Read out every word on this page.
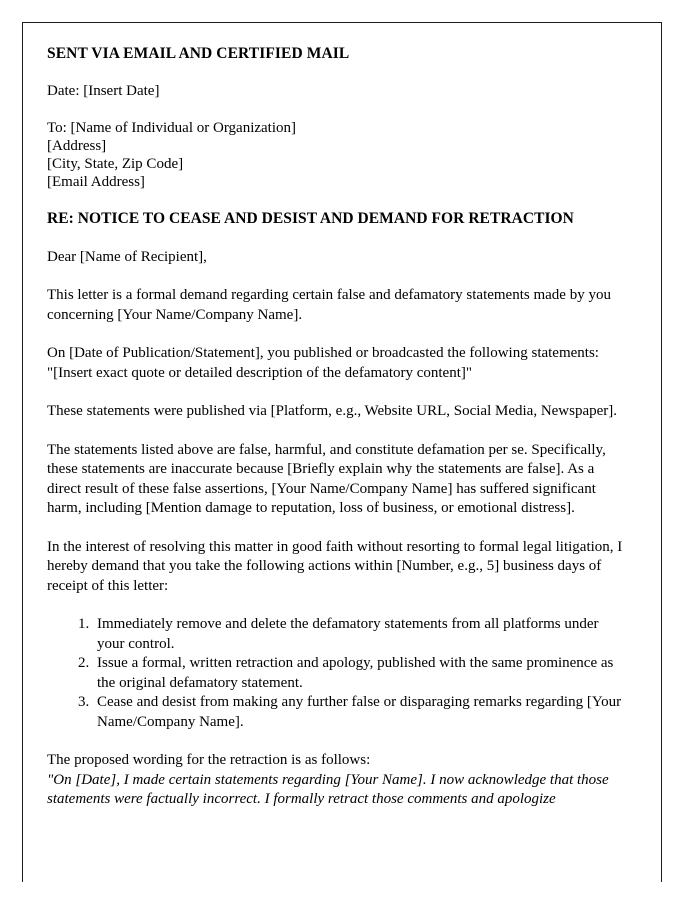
SENT VIA EMAIL AND CERTIFIED MAIL
Date: [Insert Date]
To: [Name of Individual or Organization]
[Address]
[City, State, Zip Code]
[Email Address]
RE: NOTICE TO CEASE AND DESIST AND DEMAND FOR RETRACTION

Dear [Name of Recipient],

This letter is a formal demand regarding certain false and defamatory statements made by you concerning [Your Name/Company Name].

On [Date of Publication/Statement], you published or broadcasted the following statements:

"[Insert exact quote or detailed description of the defamatory content]"

These statements were published via [Platform, e.g., Website URL, Social Media, Newspaper].

The statements listed above are false, harmful, and constitute defamation per se. Specifically, these statements are inaccurate because [Briefly explain why the statements are false]. As a direct result of these false assertions, [Your Name/Company Name] has suffered significant harm, including [Mention damage to reputation, loss of business, or emotional distress].

In the interest of resolving this matter in good faith without resorting to formal legal litigation, I hereby demand that you take the following actions within [Number, e.g., 5] business days of receipt of this letter:

1. Immediately remove and delete the defamatory statements from all platforms under your control.
2. Issue a formal, written retraction and apology, published with the same prominence as the original defamatory statement.
3. Cease and desist from making any further false or disparaging remarks regarding [Your Name/Company Name].

The proposed wording for the retraction is as follows:

"On [Date], I made certain statements regarding [Your Name]. I now acknowledge that those statements were factually incorrect. I formally retract those comments and apologize
